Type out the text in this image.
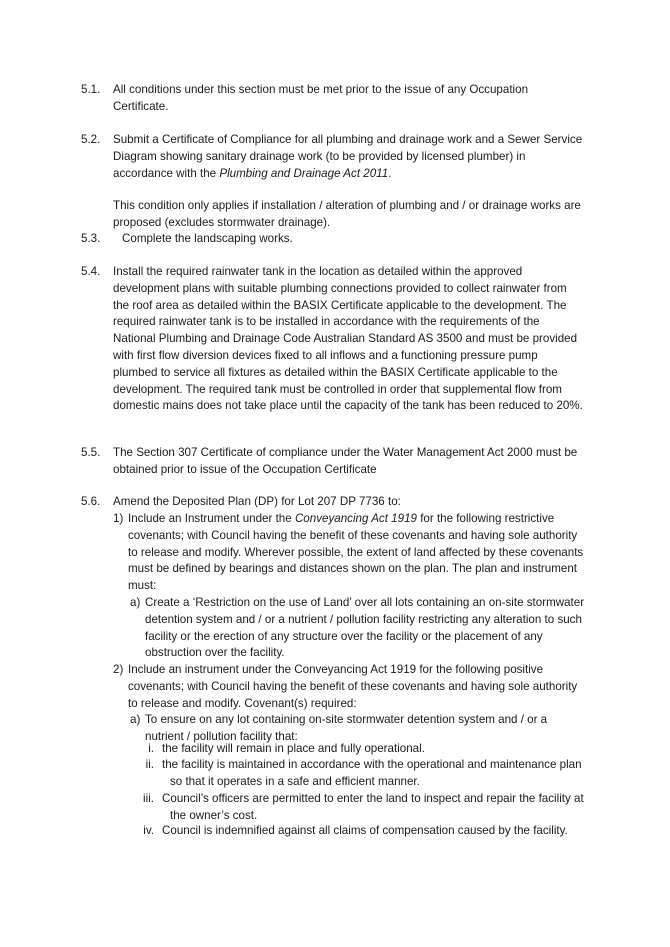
5.1. All conditions under this section must be met prior to the issue of any Occupation Certificate.

5.2. Submit a Certificate of Compliance for all plumbing and drainage work and a Sewer Service Diagram showing sanitary drainage work (to be provided by licensed plumber) in accordance with the Plumbing and Drainage Act 2011.

This condition only applies if installation / alteration of plumbing and / or drainage works are proposed (excludes stormwater drainage).

5.3. Complete the landscaping works.

5.4. Install the required rainwater tank in the location as detailed within the approved development plans with suitable plumbing connections provided to collect rainwater from the roof area as detailed within the BASIX Certificate applicable to the development. The required rainwater tank is to be installed in accordance with the requirements of the National Plumbing and Drainage Code Australian Standard AS 3500 and must be provided with first flow diversion devices fixed to all inflows and a functioning pressure pump plumbed to service all fixtures as detailed within the BASIX Certificate applicable to the development. The required tank must be controlled in order that supplemental flow from domestic mains does not take place until the capacity of the tank has been reduced to 20%.

5.5. The Section 307 Certificate of compliance under the Water Management Act 2000 must be obtained prior to issue of the Occupation Certificate

5.6. Amend the Deposited Plan (DP) for Lot 207 DP 7736 to:

1) Include an Instrument under the Conveyancing Act 1919 for the following restrictive covenants; with Council having the benefit of these covenants and having sole authority to release and modify. Wherever possible, the extent of land affected by these covenants must be defined by bearings and distances shown on the plan. The plan and instrument must:
a) Create a ‘Restriction on the use of Land’ over all lots containing an on-site stormwater detention system and / or a nutrient / pollution facility restricting any alteration to such facility or the erection of any structure over the facility or the placement of any obstruction over the facility.
2) Include an instrument under the Conveyancing Act 1919 for the following positive covenants; with Council having the benefit of these covenants and having sole authority to release and modify. Covenant(s) required:
a) To ensure on any lot containing on-site stormwater detention system and / or a nutrient / pollution facility that:
i. the facility will remain in place and fully operational.
ii. the facility is maintained in accordance with the operational and maintenance plan so that it operates in a safe and efficient manner.
iii. Council’s officers are permitted to enter the land to inspect and repair the facility at the owner’s cost.
iv. Council is indemnified against all claims of compensation caused by the facility.
